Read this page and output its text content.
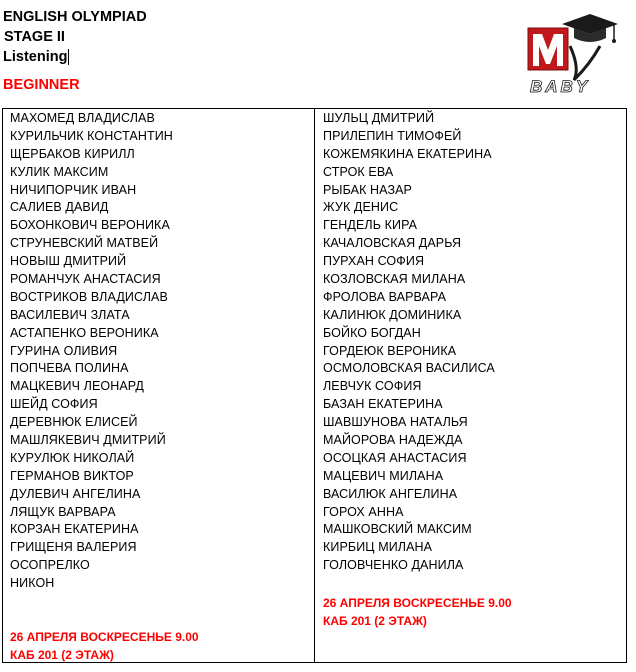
ENGLISH OLYMPIAD
STAGE II
Listening
BEGINNER	BABY
МАХОМЕД ВЛАДИСЛАВ
КУРИЛЬЧИК КОНСТАНТИН
ЩЕРБАКОВ КИРИЛЛ
КУЛИК МАКСИМ
НИЧИПОРЧИК ИВАН
САЛИЕВ ДАВИД
БОХОНКОВИЧ ВЕРОНИКА
СТРУНЕВСКИЙ МАТВЕЙ
НОВЫШ ДМИТРИЙ
РОМАНЧУК АНАСТАСИЯ
ВОСТРИКОВ ВЛАДИСЛАВ
ВАСИЛЕВИЧ ЗЛАТА
АСТАПЕНКО ВЕРОНИКА
ГУРИНА ОЛИВИЯ
ПОПЧЕВА ПОЛИНА
МАЦКЕВИЧ ЛЕОНАРД
ШЕЙД СОФИЯ
ДЕРЕВНЮК ЕЛИСЕЙ
МАШЛЯКЕВИЧ ДМИТРИЙ
КУРУЛЮК НИКОЛАЙ
ГЕРМАНОВ ВИКТОР
ДУЛЕВИЧ АНГЕЛИНА
ЛЯЩУК ВАРВАРА
КОРЗАН ЕКАТЕРИНА
ГРИЩЕНЯ ВАЛЕРИЯ
ОСОПРЕЛКО
НИКОН
26 АПРЕЛЯ ВОСКРЕСЕНЬЕ 9.00
КАБ 201 (2 ЭТАЖ)
ШУЛЬЦ ДМИТРИЙ
ПРИЛЕПИН ТИМОФЕЙ
КОЖЕМЯКИНА ЕКАТЕРИНА
СТРОК ЕВА
РЫБАК НАЗАР
ЖУК ДЕНИС
ГЕНДЕЛЬ КИРА
КАЧАЛОВСКАЯ ДАРЬЯ
ПУРХАН СОФИЯ
КОЗЛОВСКАЯ МИЛАНА
ФРОЛОВА ВАРВАРА
КАЛИНЮК ДОМИНИКА
БОЙКО БОГДАН
ГОРДЕЮК ВЕРОНИКА
ОСМОЛОВСКАЯ ВАСИЛИСА
ЛЕВЧУК СОФИЯ
БАЗАН ЕКАТЕРИНА
ШАВШУНОВА НАТАЛЬЯ
МАЙОРОВА НАДЕЖДА
ОСОЦКАЯ АНАСТАСИЯ
МАЦЕВИЧ МИЛАНА
ВАСИЛЮК АНГЕЛИНА
ГОРОХ АННА
МАШКОВСКИЙ МАКСИМ
КИРБИЦ МИЛАНА
ГОЛОВЧЕНКО ДАНИЛА
26 АПРЕЛЯ ВОСКРЕСЕНЬЕ 9.00
КАБ 201 (2 ЭТАЖ)
